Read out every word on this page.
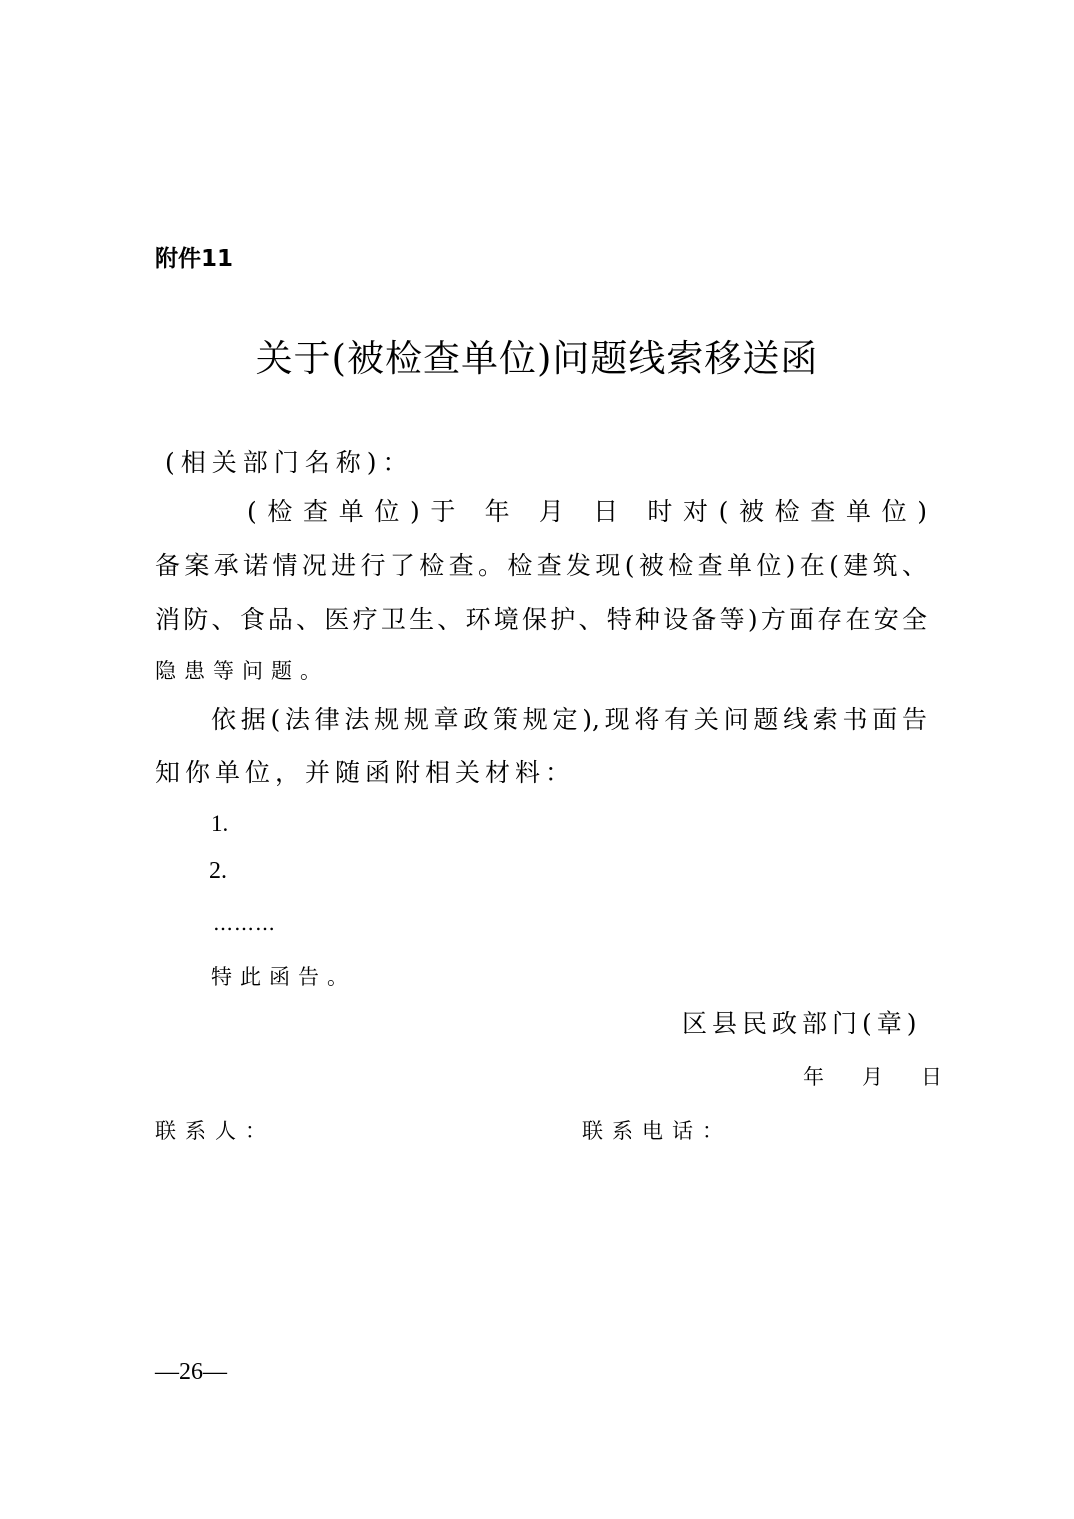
附件11
关于(被检查单位)问题线索移送函
(相关部门名称)：
(检查单位)于 年 月 日 时对(被检查单位)
备案承诺情况进行了检查。检查发现(被检查单位)在(建筑、
消防、食品、医疗卫生、环境保护、特种设备等)方面存在安全
隐患等问题。
依据(法律法规规章政策规定),现将有关问题线索书面告
知你单位，并随函附相关材料：
1.
2.
………
特此函告。
区县民政部门(章)
年 月 日
联系人：	联系电话：
—26—
